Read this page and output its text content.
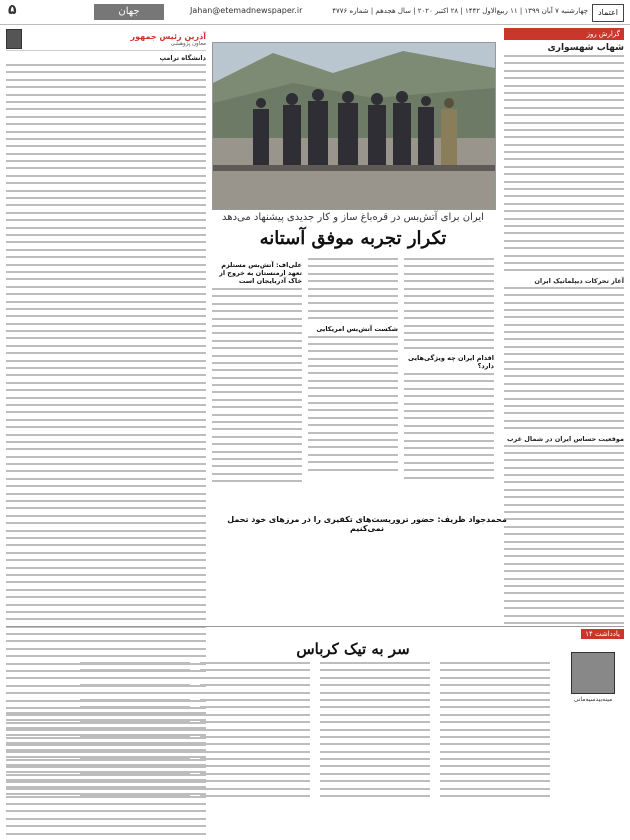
اعتماد
چهارشنبه ۷ آبان ۱۳۹۹ | ۱۱ ربیع‌الاول ۱۴۴۲ | ۲۸ اکتبر ۲۰۲۰ | سال هجدهم | شماره ۴۷۷۶
Jahan@etemadnewspaper.ir
جهان
۵
گزارش روز
شهاب شهسواری
آغاز تحرکات دیپلماتیک ایران
موقعیت حساس ایران در شمال‌ غرب
ایران برای آتش‌بس در قره‌باغ ساز و کار جدیدی پیشنهاد می‌دهد
تکرار تجربه موفق آستانه
اقدام ایران چه ویژگی‌هایی دارد؟
شکست آتش‌بس امریکایی
علی‌اف: آتش‌بس مستلزم تعهد ارمنستان به خروج از خاک آذربایجان است
محمدجواد ظریف: حضور تروریست‌های تکفیری را در مرزهای خود تحمل نمی‌کنیم
آذرین رئیس جمهور
معاون پژوهشی
دانشگاه ترامپ
یادداشت ۱۴
سر به تیک کرباس
مینه‌بیدسیه‌مانی
